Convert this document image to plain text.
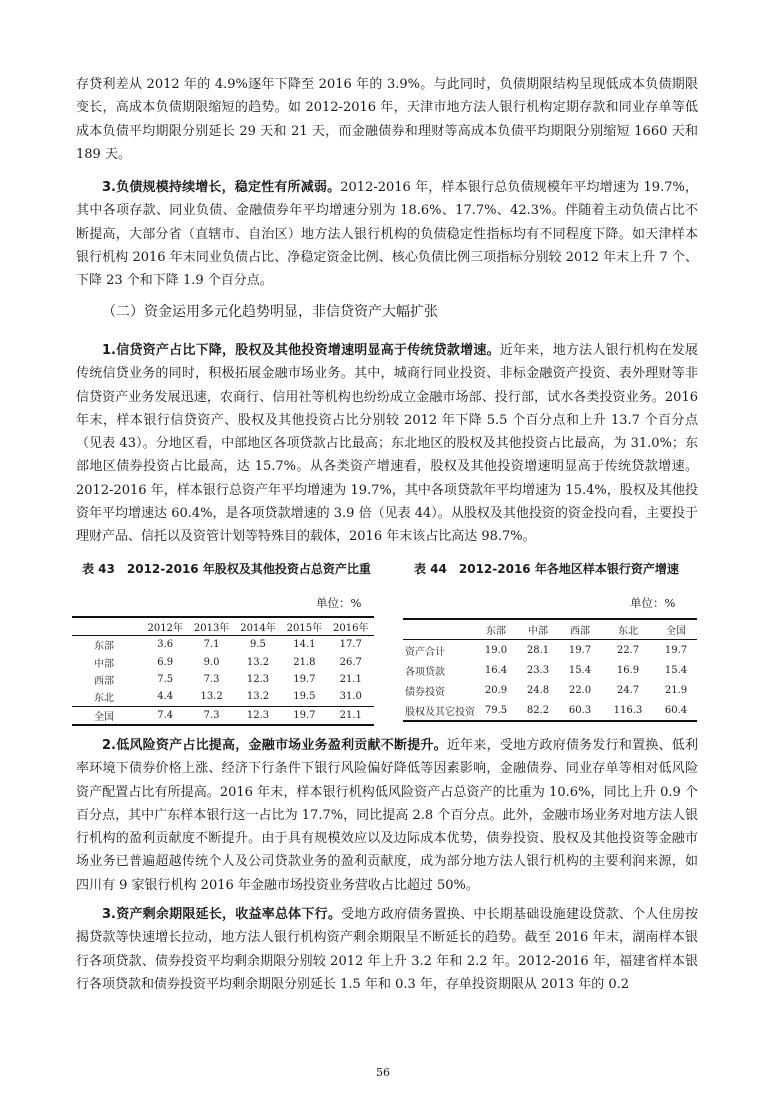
存贷利差从 2012 年的 4.9%逐年下降至 2016 年的 3.9%。与此同时，负债期限结构呈现低成本负债期限变长，高成本负债期限缩短的趋势。如 2012-2016 年，天津市地方法人银行机构定期存款和同业存单等低成本负债平均期限分别延长 29 天和 21 天，而金融债券和理财等高成本负债平均期限分别缩短 1660 天和 189 天。

3.负债规模持续增长，稳定性有所减弱。2012-2016 年，样本银行总负债规模年平均增速为 19.7%，其中各项存款、同业负债、金融债券年平均增速分别为 18.6%、17.7%、42.3%。伴随着主动负债占比不断提高，大部分省（直辖市、自治区）地方法人银行机构的负债稳定性指标均有不同程度下降。如天津样本银行机构 2016 年末同业负债占比、净稳定资金比例、核心负债比例三项指标分别较 2012 年末上升 7 个、下降 23 个和下降 1.9 个百分点。

（二）资金运用多元化趋势明显，非信贷资产大幅扩张

1.信贷资产占比下降，股权及其他投资增速明显高于传统贷款增速。近年来，地方法人银行机构在发展传统信贷业务的同时，积极拓展金融市场业务。其中，城商行同业投资、非标金融资产投资、表外理财等非信贷资产业务发展迅速，农商行、信用社等机构也纷纷成立金融市场部、投行部，试水各类投资业务。2016 年末，样本银行信贷资产、股权及其他投资占比分别较 2012 年下降 5.5 个百分点和上升 13.7 个百分点（见表 43）。分地区看，中部地区各项贷款占比最高；东北地区的股权及其他投资占比最高，为 31.0%；东部地区债券投资占比最高，达 15.7%。从各类资产增速看，股权及其他投资增速明显高于传统贷款增速。2012-2016 年，样本银行总资产年平均增速为 19.7%，其中各项贷款年平均增速为 15.4%，股权及其他投资年平均增速达 60.4%，是各项贷款增速的 3.9 倍（见表 44）。从股权及其他投资的资金投向看，主要投于理财产品、信托以及资管计划等特殊目的载体，2016 年末该占比高达 98.7%。

表 43　2012-2016 年股权及其他投资占总资产比重	表 44　2012-2016 年各地区样本银行资产增速
单位：%	单位：%
	2012年	2013年	2014年	2015年	2016年
东部	3.6	7.1	9.5	14.1	17.7
中部	6.9	9.0	13.2	21.8	26.7
西部	7.5	7.3	12.3	19.7	21.1
东北	4.4	13.2	13.2	19.5	31.0
全国	7.4	7.3	12.3	19.7	21.1
	东部	中部	西部	东北	全国
资产合计	19.0	28.1	19.7	22.7	19.7
各项贷款	16.4	23.3	15.4	16.9	15.4
债券投资	20.9	24.8	22.0	24.7	21.9
股权及其它投资	79.5	82.2	60.3	116.3	60.4

2.低风险资产占比提高，金融市场业务盈利贡献不断提升。近年来，受地方政府债务发行和置换、低利率环境下债券价格上涨、经济下行条件下银行风险偏好降低等因素影响，金融债券、同业存单等相对低风险资产配置占比有所提高。2016 年末，样本银行机构低风险资产占总资产的比重为 10.6%，同比上升 0.9 个百分点，其中广东样本银行这一占比为 17.7%，同比提高 2.8 个百分点。此外，金融市场业务对地方法人银行机构的盈利贡献度不断提升。由于具有规模效应以及边际成本优势，债券投资、股权及其他投资等金融市场业务已普遍超越传统个人及公司贷款业务的盈利贡献度，成为部分地方法人银行机构的主要利润来源，如四川有 9 家银行机构 2016 年金融市场投资业务营收占比超过 50%。

3.资产剩余期限延长，收益率总体下行。受地方政府债务置换、中长期基础设施建设贷款、个人住房按揭贷款等快速增长拉动，地方法人银行机构资产剩余期限呈不断延长的趋势。截至 2016 年末，湖南样本银行各项贷款、债券投资平均剩余期限分别较 2012 年上升 3.2 年和 2.2 年。2012-2016 年，福建省样本银行各项贷款和债券投资平均剩余期限分别延长 1.5 年和 0.3 年，存单投资期限从 2013 年的 0.2

56
